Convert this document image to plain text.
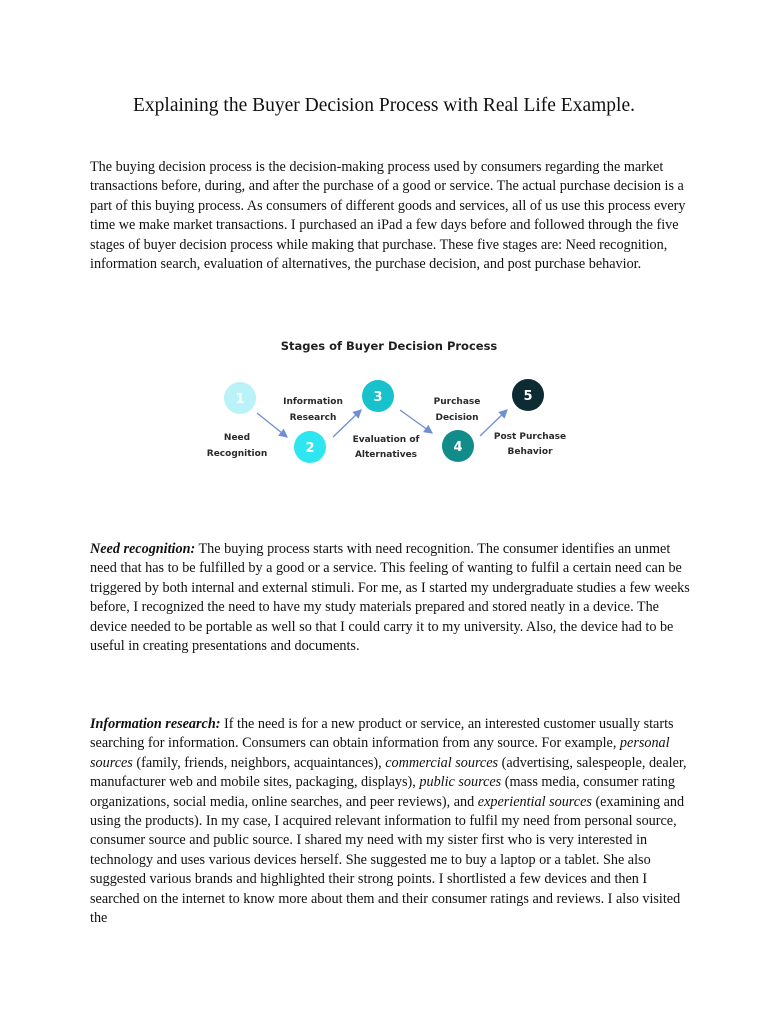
Explaining the Buyer Decision Process with Real Life Example.

The buying decision process is the decision-making process used by consumers regarding the market transactions before, during, and after the purchase of a good or service. The actual purchase decision is a part of this buying process. As consumers of different goods and services, all of us use this process every time we make market transactions. I purchased an iPad a few days before and followed through the five stages of buyer decision process while making that purchase. These five stages are: Need recognition, information search, evaluation of alternatives, the purchase decision, and post purchase behavior.

Stages of Buyer Decision Process
1
Need
Recognition	2
Information
Research
3
Evaluation of
Alternatives	4
Purchase
Decision
5
Post Purchase
Behavior

Need recognition: The buying process starts with need recognition. The consumer identifies an unmet need that has to be fulfilled by a good or a service. This feeling of wanting to fulfil a certain need can be triggered by both internal and external stimuli. For me, as I started my undergraduate studies a few weeks before, I recognized the need to have my study materials prepared and stored neatly in a device. The device needed to be portable as well so that I could carry it to my university. Also, the device had to be useful in creating presentations and documents.

Information research: If the need is for a new product or service, an interested customer usually starts searching for information. Consumers can obtain information from any source. For example, personal sources (family, friends, neighbors, acquaintances), commercial sources (advertising, salespeople, dealer, manufacturer web and mobile sites, packaging, displays), public sources (mass media, consumer rating organizations, social media, online searches, and peer reviews), and experiential sources (examining and using the products). In my case, I acquired relevant information to fulfil my need from personal source, consumer source and public source. I shared my need with my sister first who is very interested in technology and uses various devices herself. She suggested me to buy a laptop or a tablet. She also suggested various brands and highlighted their strong points. I shortlisted a few devices and then I searched on the internet to know more about them and their consumer ratings and reviews. I also visited the
